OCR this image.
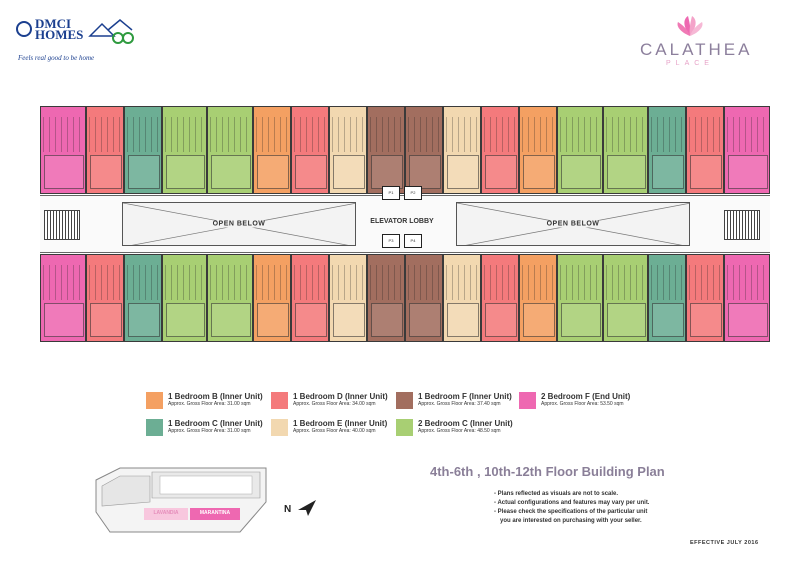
DMCI
HOMES
Feels real good to be home	CALATHEA
PLACE
OPEN BELOW	OPEN BELOW
P1	P2
ELEVATOR LOBBY
P3	P4
1 Bedroom B (Inner Unit)
Approx. Gross Floor Area: 31.00 sqm
1 Bedroom D (Inner Unit)
Approx. Gross Floor Area: 34.00 sqm
1 Bedroom F (Inner Unit)
Approx. Gross Floor Area: 37.40 sqm
2 Bedroom F (End Unit)
Approx. Gross Floor Area: 53.50 sqm
1 Bedroom C (Inner Unit)
Approx. Gross Floor Area: 31.00 sqm
1 Bedroom E (Inner Unit)
Approx. Gross Floor Area: 40.00 sqm
2 Bedroom C (Inner Unit)
Approx. Gross Floor Area: 48.50 sqm
LAVANDIA	MARANTINA	N
4th-6th , 10th-12th Floor Building Plan
- Plans reflected as visuals are not to scale.
- Actual configurations and features may vary per unit.
- Please check the specifications of the particular unit
you are interested on purchasing with your seller.
EFFECTIVE JULY 2016
